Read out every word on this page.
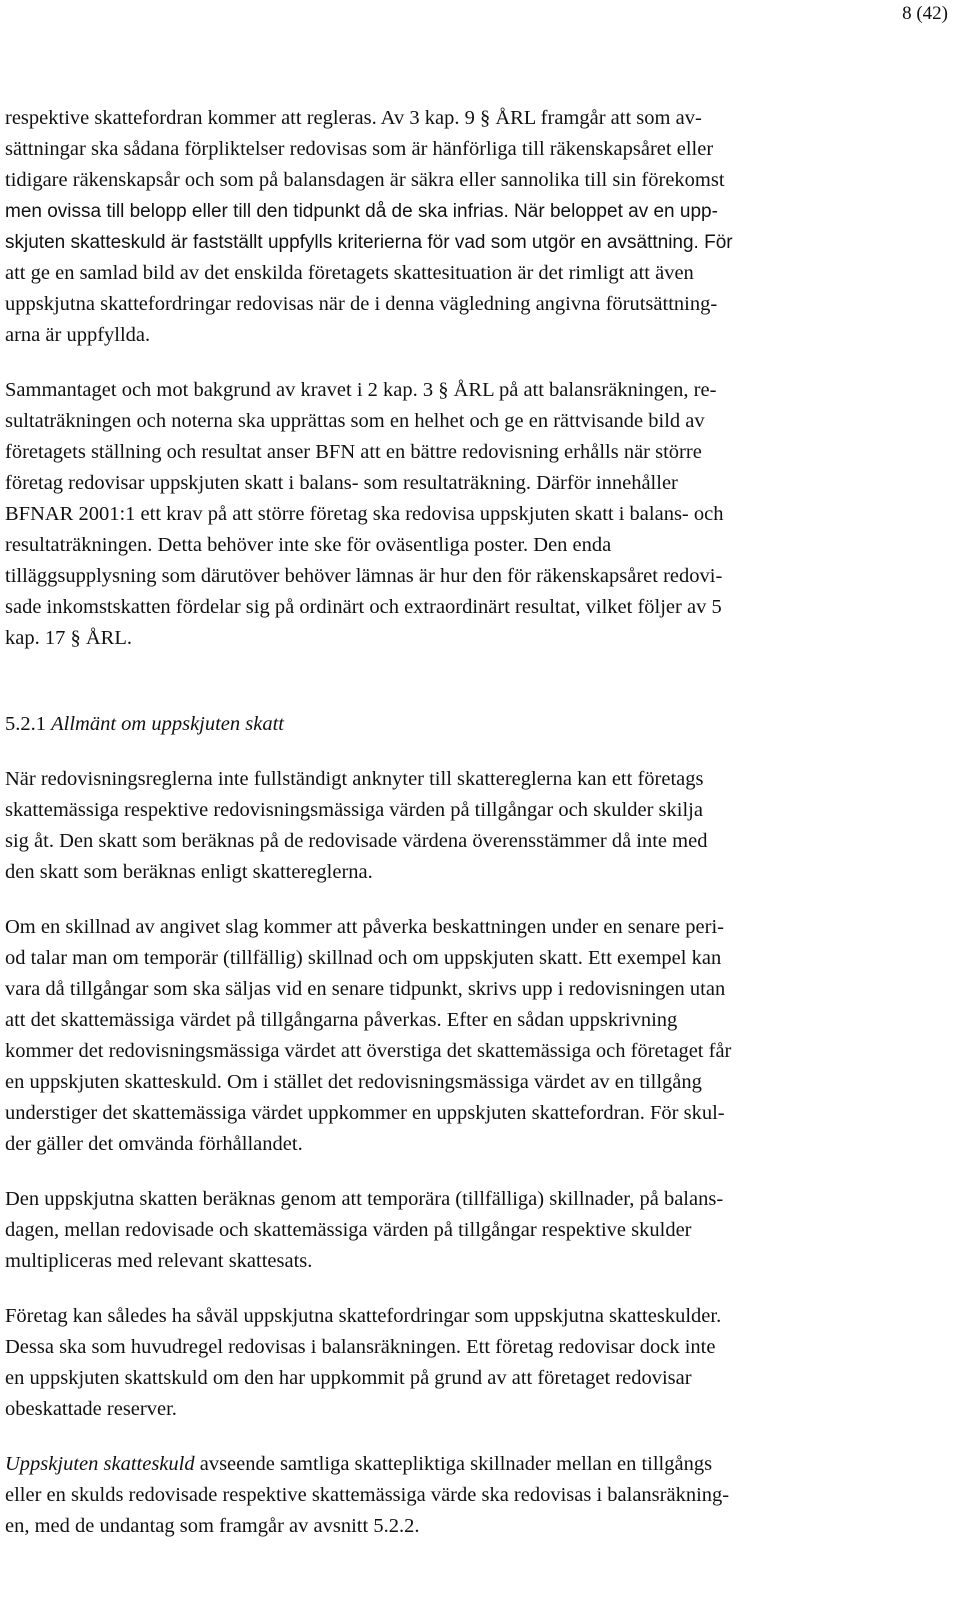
8 (42)
respektive skattefordran kommer att regleras. Av 3 kap. 9 § ÅRL framgår att som av-
sättningar ska sådana förpliktelser redovisas som är hänförliga till räkenskapsåret eller
tidigare räkenskapsår och som på balansdagen är säkra eller sannolika till sin förekomst
men ovissa till belopp eller till den tidpunkt då de ska infrias. När beloppet av en upp-
skjuten skatteskuld är fastställt uppfylls kriterierna för vad som utgör en avsättning. För
att ge en samlad bild av det enskilda företagets skattesituation är det rimligt att även
uppskjutna skattefordringar redovisas när de i denna vägledning angivna förutsättning-
arna är uppfyllda.
Sammantaget och mot bakgrund av kravet i 2 kap. 3 § ÅRL på att balansräkningen, re-
sultaträkningen och noterna ska upprättas som en helhet och ge en rättvisande bild av
företagets ställning och resultat anser BFN att en bättre redovisning erhålls när större
företag redovisar uppskjuten skatt i balans- som resultaträkning. Därför innehåller
BFNAR 2001:1 ett krav på att större företag ska redovisa uppskjuten skatt i balans- och
resultaträkningen. Detta behöver inte ske för oväsentliga poster. Den enda
tilläggsupplysning som därutöver behöver lämnas är hur den för räkenskapsåret redovi-
sade inkomstskatten fördelar sig på ordinärt och extraordinärt resultat, vilket följer av 5
kap. 17 § ÅRL.
5.2.1 Allmänt om uppskjuten skatt
När redovisningsreglerna inte fullständigt anknyter till skattereglerna kan ett företags
skattemässiga respektive redovisningsmässiga värden på tillgångar och skulder skilja
sig åt. Den skatt som beräknas på de redovisade värdena överensstämmer då inte med
den skatt som beräknas enligt skattereglerna.
Om en skillnad av angivet slag kommer att påverka beskattningen under en senare peri-
od talar man om temporär (tillfällig) skillnad och om uppskjuten skatt. Ett exempel kan
vara då tillgångar som ska säljas vid en senare tidpunkt, skrivs upp i redovisningen utan
att det skattemässiga värdet på tillgångarna påverkas. Efter en sådan uppskrivning
kommer det redovisningsmässiga värdet att överstiga det skattemässiga och företaget får
en uppskjuten skatteskuld. Om i stället det redovisningsmässiga värdet av en tillgång
understiger det skattemässiga värdet uppkommer en uppskjuten skattefordran. För skul-
der gäller det omvända förhållandet.
Den uppskjutna skatten beräknas genom att temporära (tillfälliga) skillnader, på balans-
dagen, mellan redovisade och skattemässiga värden på tillgångar respektive skulder
multipliceras med relevant skattesats.
Företag kan således ha såväl uppskjutna skattefordringar som uppskjutna skatteskulder.
Dessa ska som huvudregel redovisas i balansräkningen. Ett företag redovisar dock inte
en uppskjuten skattskuld om den har uppkommit på grund av att företaget redovisar
obeskattade reserver.
Uppskjuten skatteskuld avseende samtliga skattepliktiga skillnader mellan en tillgångs
eller en skulds redovisade respektive skattemässiga värde ska redovisas i balansräkning-
en, med de undantag som framgår av avsnitt 5.2.2.
